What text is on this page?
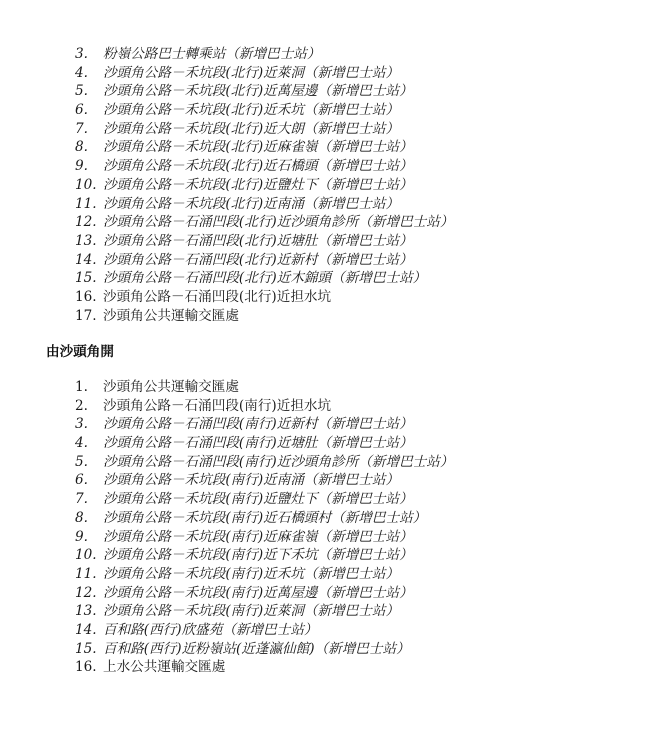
3.	粉嶺公路巴士轉乘站（新增巴士站）
4.	沙頭角公路－禾坑段(北行)近萊洞（新增巴士站）
5.	沙頭角公路－禾坑段(北行)近萬屋邊（新增巴士站）
6.	沙頭角公路－禾坑段(北行)近禾坑（新增巴士站）
7.	沙頭角公路－禾坑段(北行)近大朗（新增巴士站）
8.	沙頭角公路－禾坑段(北行)近麻雀嶺（新增巴士站）
9.	沙頭角公路－禾坑段(北行)近石橋頭（新增巴士站）
10. 沙頭角公路－禾坑段(北行)近鹽灶下（新增巴士站）
11. 沙頭角公路－禾坑段(北行)近南涌（新增巴士站）
12. 沙頭角公路－石涌凹段(北行)近沙頭角診所（新增巴士站）
13. 沙頭角公路－石涌凹段(北行)近塘肚（新增巴士站）
14. 沙頭角公路－石涌凹段(北行)近新村（新增巴士站）
15. 沙頭角公路－石涌凹段(北行)近木錦頭（新增巴士站）
16. 沙頭角公路－石涌凹段(北行)近担水坑
17. 沙頭角公共運輸交匯處
由沙頭角開
1.	沙頭角公共運輸交匯處
2.	沙頭角公路－石涌凹段(南行)近担水坑
3.	沙頭角公路－石涌凹段(南行)近新村（新增巴士站）
4.	沙頭角公路－石涌凹段(南行)近塘肚（新增巴士站）
5.	沙頭角公路－石涌凹段(南行)近沙頭角診所（新增巴士站）
6.	沙頭角公路－禾坑段(南行)近南涌（新增巴士站）
7.	沙頭角公路－禾坑段(南行)近鹽灶下（新增巴士站）
8.	沙頭角公路－禾坑段(南行)近石橋頭村（新增巴士站）
9.	沙頭角公路－禾坑段(南行)近麻雀嶺（新增巴士站）
10. 沙頭角公路－禾坑段(南行)近下禾坑（新增巴士站）
11. 沙頭角公路－禾坑段(南行)近禾坑（新增巴士站）
12. 沙頭角公路－禾坑段(南行)近萬屋邊（新增巴士站）
13. 沙頭角公路－禾坑段(南行)近萊洞（新增巴士站）
14. 百和路(西行)欣盛苑（新增巴士站）
15. 百和路(西行)近粉嶺站(近蓬瀛仙館)（新增巴士站）
16. 上水公共運輸交匯處
